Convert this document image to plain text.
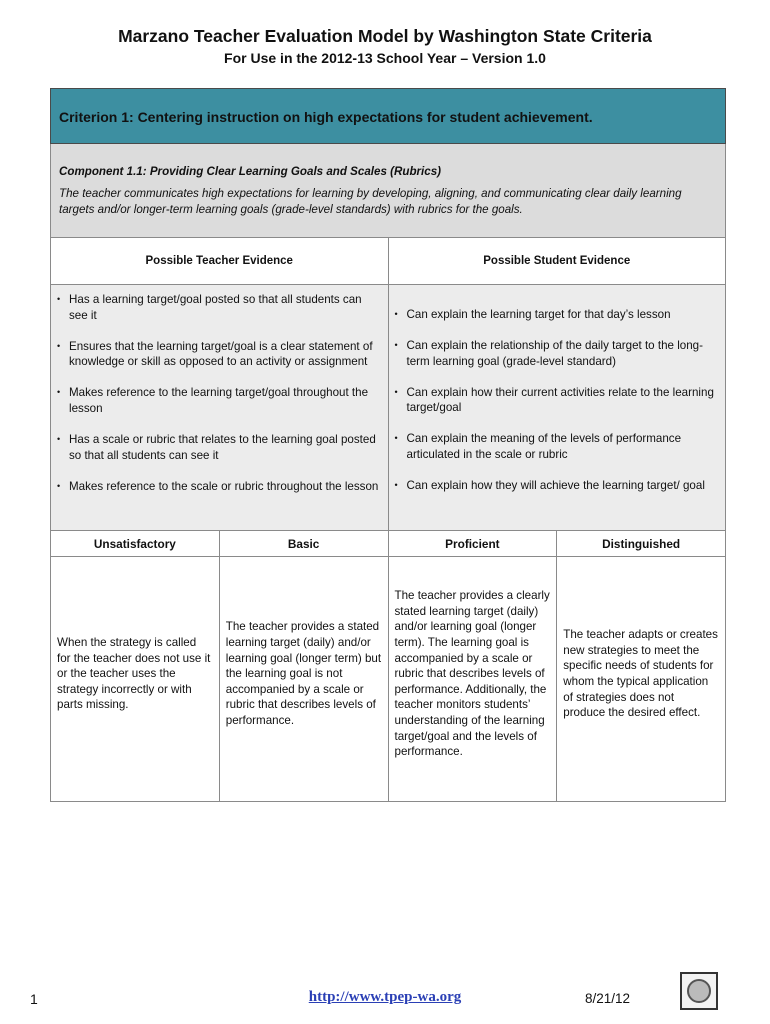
Marzano Teacher Evaluation Model by Washington State Criteria
For Use in the 2012-13 School Year – Version 1.0
Criterion 1: Centering instruction on high expectations for student achievement.
Component 1.1: Providing Clear Learning Goals and Scales (Rubrics)
The teacher communicates high expectations for learning by developing, aligning, and communicating clear daily learning targets and/or longer-term learning goals (grade-level standards) with rubrics for the goals.
Possible Teacher Evidence	Possible Student Evidence
• Has a learning target/goal posted so that all students can see it
• Ensures that the learning target/goal is a clear statement of knowledge or skill as opposed to an activity or assignment
• Makes reference to the learning target/goal throughout the lesson
• Has a scale or rubric that relates to the learning goal posted so that all students can see it
• Makes reference to the scale or rubric throughout the lesson
• Can explain the learning target for that day’s lesson
• Can explain the relationship of the daily target to the long-term learning goal (grade-level standard)
• Can explain how their current activities relate to the learning target/goal
• Can explain the meaning of the levels of performance articulated in the scale or rubric
• Can explain how they will achieve the learning target/ goal
Unsatisfactory	Basic	Proficient	Distinguished
When the strategy is called for the teacher does not use it or the teacher uses the strategy incorrectly or with parts missing.
The teacher provides a stated learning target (daily) and/or learning goal (longer term) but the learning goal is not accompanied by a scale or rubric that describes levels of performance.
The teacher provides a clearly stated learning target (daily) and/or learning goal (longer term). The learning goal is accompanied by a scale or rubric that describes levels of performance. Additionally, the teacher monitors students’ understanding of the learning target/goal and the levels of performance.
The teacher adapts or creates new strategies to meet the specific needs of students for whom the typical application of strategies does not produce the desired effect.
1	http://www.tpep-wa.org	8/21/12
